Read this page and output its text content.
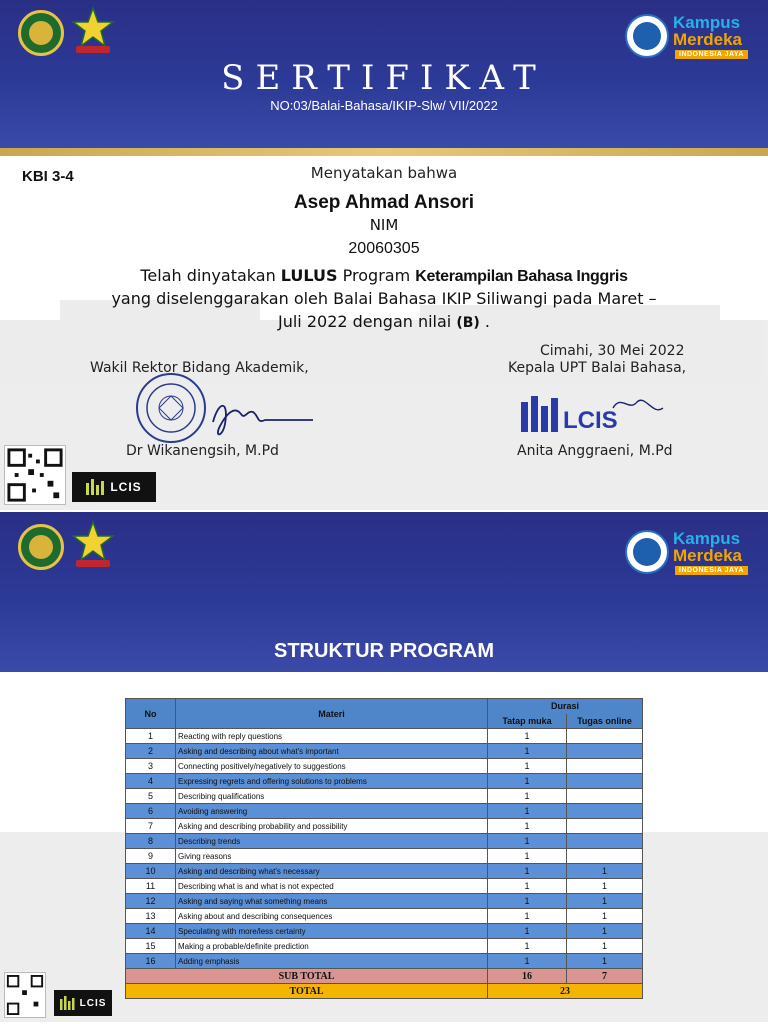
Kampus
Merdeka
INDONESIA JAYA
SERTIFIKAT
NO:03/Balai-Bahasa/IKIP-Slw/ VII/2022
KBI 3-4	Menyatakan bahwa
Asep Ahmad Ansori
NIM
20060305
Telah dinyatakan LULUS Program Keterampilan Bahasa Inggris
yang diselenggarakan oleh Balai Bahasa IKIP Siliwangi pada Maret –
Juli 2022 dengan nilai (B) .
Wakil Rektor Bidang Akademik,
Cimahi, 30 Mei 2022
Kepala UPT Balai Bahasa,
LCIS
Dr Wikanengsih, M.Pd	Anita Anggraeni, M.Pd
LCIS
Kampus
Merdeka
INDONESIA JAYA
STRUKTUR PROGRAM
No	Materi	Durasi	
		Tatap muka	Tugas online
1	Reacting with reply questions	1	
2	Asking and describing about what's important	1	
3	Connecting positively/negatively to suggestions	1	
4	Expressing regrets and offering solutions to problems	1	
5	Describing qualifications	1	
6	Avoiding answering	1	
7	Asking and describing probability and possibility	1	
8	Describing trends	1	
9	Giving reasons	1	
10	Asking and describing what's necessary	1	1
11	Describing what is and what is not expected	1	1
12	Asking and saying what something means	1	1
13	Asking about and describing consequences	1	1
14	Speculating with more/less certainty	1	1
15	Making a probable/definite prediction	1	1
16	Adding emphasis	1	1
SUB TOTAL		16	7
TOTAL		23	
LCIS
